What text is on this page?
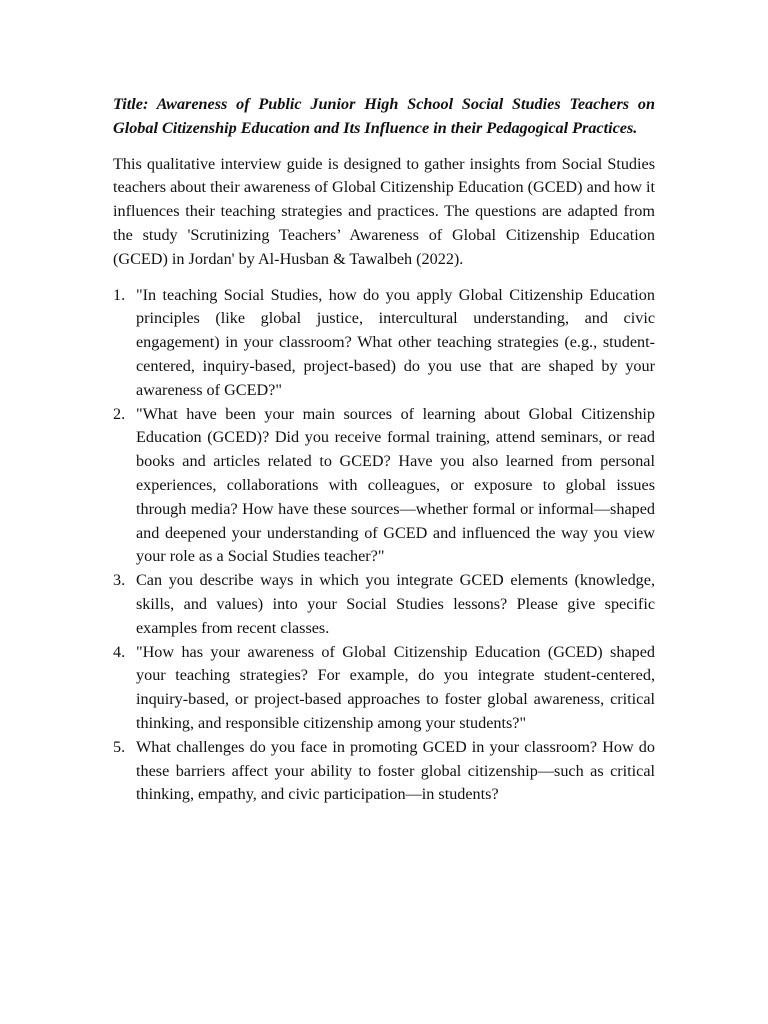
Title: Awareness of Public Junior High School Social Studies Teachers on Global Citizenship Education and Its Influence in their Pedagogical Practices.

This qualitative interview guide is designed to gather insights from Social Studies teachers about their awareness of Global Citizenship Education (GCED) and how it influences their teaching strategies and practices. The questions are adapted from the study 'Scrutinizing Teachers’ Awareness of Global Citizenship Education (GCED) in Jordan' by Al-Husban & Tawalbeh (2022).

1. "In teaching Social Studies, how do you apply Global Citizenship Education principles (like global justice, intercultural understanding, and civic engagement) in your classroom? What other teaching strategies (e.g., student-centered, inquiry-based, project-based) do you use that are shaped by your awareness of GCED?"
2. "What have been your main sources of learning about Global Citizenship Education (GCED)? Did you receive formal training, attend seminars, or read books and articles related to GCED? Have you also learned from personal experiences, collaborations with colleagues, or exposure to global issues through media? How have these sources—whether formal or informal—shaped and deepened your understanding of GCED and influenced the way you view your role as a Social Studies teacher?"
3. Can you describe ways in which you integrate GCED elements (knowledge, skills, and values) into your Social Studies lessons? Please give specific examples from recent classes.
4. "How has your awareness of Global Citizenship Education (GCED) shaped your teaching strategies? For example, do you integrate student-centered, inquiry-based, or project-based approaches to foster global awareness, critical thinking, and responsible citizenship among your students?"
5. What challenges do you face in promoting GCED in your classroom? How do these barriers affect your ability to foster global citizenship—such as critical thinking, empathy, and civic participation—in students?
